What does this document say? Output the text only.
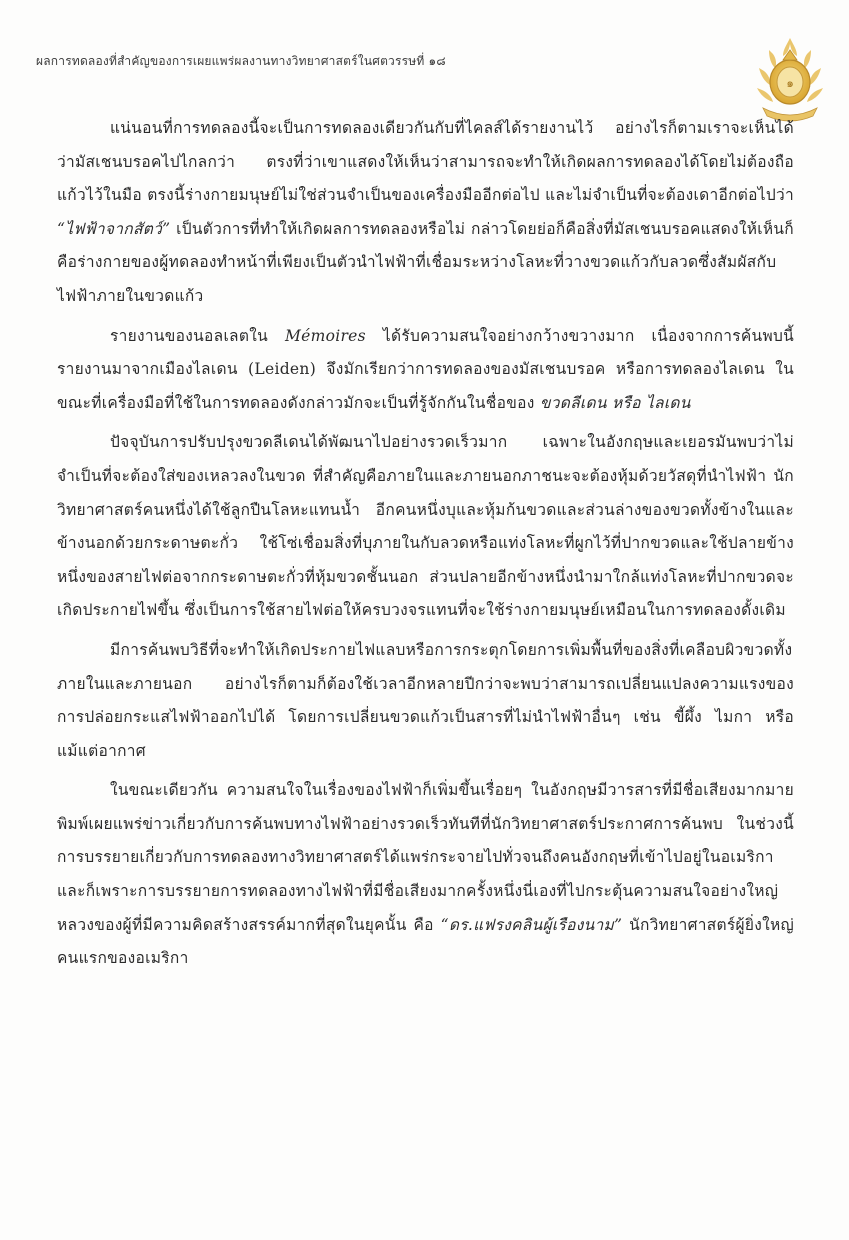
ผลการทดลองที่สำคัญของการเผยแพร่ผลงานทางวิทยาศาสตร์ในศตวรรษที่ ๑๘
๑

แน่นอนที่การทดลองนี้จะเป็นการทดลองเดียวกันกับที่ไคลส์ได้รายงานไว้ อย่างไรก็ตามเราจะเห็นได้ว่ามัสเชนบรอคไปไกลกว่า ตรงที่ว่าเขาแสดงให้เห็นว่าสามารถจะทำให้เกิดผลการทดลองได้โดยไม่ต้องถือแก้วไว้ในมือ ตรงนี้ร่างกายมนุษย์ไม่ใช่ส่วนจำเป็นของเครื่องมืออีกต่อไป และไม่จำเป็นที่จะต้องเดาอีกต่อไปว่า “ไฟฟ้าจากสัตว์” เป็นตัวการที่ทำให้เกิดผลการทดลองหรือไม่ กล่าวโดยย่อก็คือสิ่งที่มัสเชนบรอคแสดงให้เห็นก็คือร่างกายของผู้ทดลองทำหน้าที่เพียงเป็นตัวนำไฟฟ้าที่เชื่อมระหว่างโลหะที่วางขวดแก้วกับลวดซึ่งสัมผัสกับไฟฟ้าภายในขวดแก้ว

รายงานของนอลเลตใน Mémoires ได้รับความสนใจอย่างกว้างขวางมาก เนื่องจากการค้นพบนี้รายงานมาจากเมืองไลเดน (Leiden) จึงมักเรียกว่าการทดลองของมัสเชนบรอค หรือการทดลองไลเดน ในขณะที่เครื่องมือที่ใช้ในการทดลองดังกล่าวมักจะเป็นที่รู้จักกันในชื่อของ ขวดลีเดน หรือ ไลเดน

ปัจจุบันการปรับปรุงขวดลีเดนได้พัฒนาไปอย่างรวดเร็วมาก เฉพาะในอังกฤษและเยอรมันพบว่าไม่จำเป็นที่จะต้องใส่ของเหลวลงในขวด ที่สำคัญคือภายในและภายนอกภาชนะจะต้องหุ้มด้วยวัสดุที่นำไฟฟ้า นักวิทยาศาสตร์คนหนึ่งได้ใช้ลูกปืนโลหะแทนน้ำ อีกคนหนึ่งบุและหุ้มก้นขวดและส่วนล่างของขวดทั้งข้างในและข้างนอกด้วยกระดาษตะกั่ว ใช้โซ่เชื่อมสิ่งที่บุภายในกับลวดหรือแท่งโลหะที่ผูกไว้ที่ปากขวดและใช้ปลายข้างหนึ่งของสายไฟต่อจากกระดาษตะกั่วที่หุ้มขวดชั้นนอก ส่วนปลายอีกข้างหนึ่งนำมาใกล้แท่งโลหะที่ปากขวดจะเกิดประกายไฟขึ้น ซึ่งเป็นการใช้สายไฟต่อให้ครบวงจรแทนที่จะใช้ร่างกายมนุษย์เหมือนในการทดลองดั้งเดิม

มีการค้นพบวิธีที่จะทำให้เกิดประกายไฟแลบหรือการกระตุกโดยการเพิ่มพื้นที่ของสิ่งที่เคลือบผิวขวดทั้งภายในและภายนอก อย่างไรก็ตามก็ต้องใช้เวลาอีกหลายปีกว่าจะพบว่าสามารถเปลี่ยนแปลงความแรงของการปล่อยกระแสไฟฟ้าออกไปได้ โดยการเปลี่ยนขวดแก้วเป็นสารที่ไม่นำไฟฟ้าอื่นๆ เช่น ขี้ผึ้ง ไมกา หรือแม้แต่อากาศ

ในขณะเดียวกัน ความสนใจในเรื่องของไฟฟ้าก็เพิ่มขึ้นเรื่อยๆ ในอังกฤษมีวารสารที่มีชื่อเสียงมากมายพิมพ์เผยแพร่ข่าวเกี่ยวกับการค้นพบทางไฟฟ้าอย่างรวดเร็วทันทีที่นักวิทยาศาสตร์ประกาศการค้นพบ ในช่วงนี้การบรรยายเกี่ยวกับการทดลองทางวิทยาศาสตร์ได้แพร่กระจายไปทั่วจนถึงคนอังกฤษที่เข้าไปอยู่ในอเมริกา และก็เพราะการบรรยายการทดลองทางไฟฟ้าที่มีชื่อเสียงมากครั้งหนึ่งนี่เองที่ไปกระตุ้นความสนใจอย่างใหญ่หลวงของผู้ที่มีความคิดสร้างสรรค์มากที่สุดในยุคนั้น คือ “ดร.แฟรงคลินผู้เรืองนาม” นักวิทยาศาสตร์ผู้ยิ่งใหญ่คนแรกของอเมริกา
